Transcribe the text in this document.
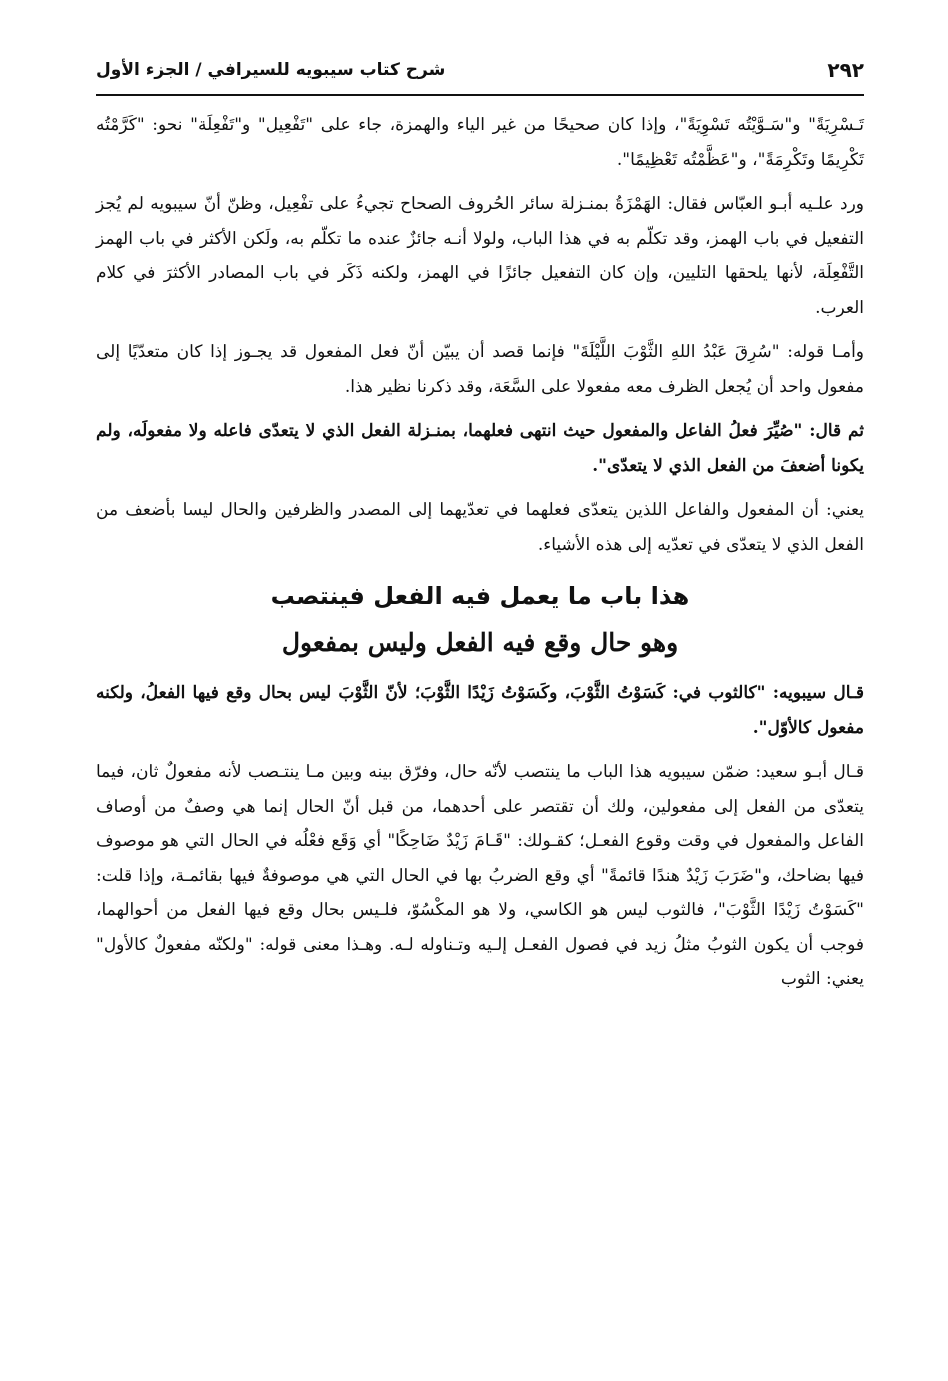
٢٩٢
شرح كتاب سيبويه للسيرافي / الجزء الأول

تَـسْرِيَةً" و"سَـوَّيْتُه تَسْوِيَةً"، وإذا كان صحيحًا من غير الياء والهمزة، جاء على "تَفْعِيل" و"تَفْعِلَة" نحو: "كَرَّمْتُه تَكْرِيمًا وتَكْرِمَةً"، و"عَظَّمْتُه تَعْظِيمًا".

ورد علـيه أبـو العبّاس فقال: الهَمْزَةُ بمنـزلة سائر الحُروف الصحاح تجيءُ على تفْعِيل، وظنّ أنّ سيبويه لم يُجز التفعيل في باب الهمز، وقد تكلّم به في هذا الباب، ولولا أنـه جائزٌ عنده ما تكلّم به، ولَكن الأكثر في باب الهمز التَّفْعِلَة، لأنها يلحقها التليين، وإن كان التفعيل جائزًا في الهمز، ولكنه ذَكَر في باب المصادر الأكثرَ في كلام العرب.

وأمـا قوله: "سُرِقَ عَبْدُ اللهِ الثَّوْبَ اللَّيْلَةَ" فإنما قصد أن يبيّن أنّ فعل المفعول قد يجـوز إذا كان متعدّيًا إلى مفعول واحد أن يُجعل الظرف معه مفعولا على السَّعَة، وقد ذكرنا نظير هذا.

ثم قال: "صُيِّرَ فعلُ الفاعل والمفعول حيث انتهى فعلهما، بمنـزلة الفعل الذي لا يتعدّى فاعله ولا مفعولَه، ولم يكونا أضعفَ من الفعل الذي لا يتعدّى".

يعني: أن المفعول والفاعل اللذين يتعدّى فعلهما في تعدّيهما إلى المصدر والظرفين والحال ليسا بأضعف من الفعل الذي لا يتعدّى في تعدّيه إلى هذه الأشياء.

هذا باب ما يعمل فيه الفعل فينتصب
وهو حال وقع فيه الفعل وليس بمفعول

قـال سيبويه: "كالثوب في: كَسَوْتُ الثَّوْبَ، وكَسَوْتُ زَيْدًا الثَّوْبَ؛ لأنّ الثَّوْبَ ليس بحال وقع فيها الفعلُ، ولكنه مفعول كالأوّل".

قـال أبـو سعيد: ضمّن سيبويه هذا الباب ما ينتصب لأنّه حال، وفرّق بينه وبين مـا ينتـصب لأنه مفعولٌ ثان، فيما يتعدّى من الفعل إلى مفعولين، ولك أن تقتصر على أحدهما، من قبل أنّ الحال إنما هي وصفٌ من أوصاف الفاعل والمفعول في وقت وقوع الفعـل؛ كقـولك: "قَـامَ زَيْدٌ ضَاحِكًا" أي وَقَع فعْلُه في الحال التي هو موصوف فيها بضاحك، و"ضَرَبَ زَيْدٌ هندًا قائمةً" أي وقع الضربُ بها في الحال التي هي موصوفةٌ فيها بقائمـة، وإذا قلت: "كَسَوْتُ زَيْدًا الثَّوْبَ"، فالثوب ليس هو الكاسي، ولا هو المكْسُوّ، فلـيس بحال وقع فيها الفعل من أحوالهما، فوجب أن يكون الثوبُ مثلُ زيد في فصول الفعـل إلـيه وتـناوله لـه. وهـذا معنى قوله: "ولكنّه مفعولٌ كالأول" يعني: الثوب
